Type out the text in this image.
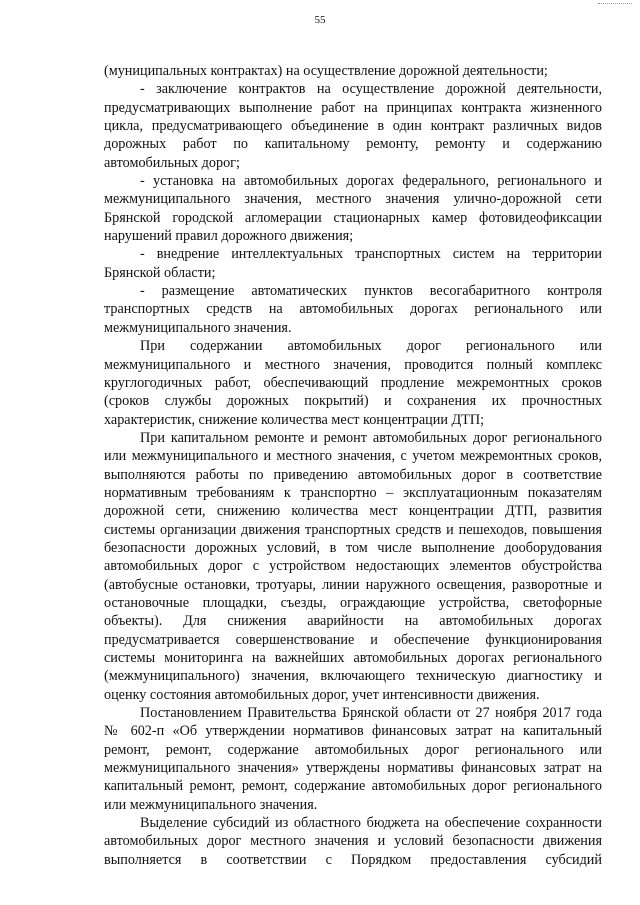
55

(муниципальных контрактах) на осуществление дорожной деятельности;

- заключение контрактов на осуществление дорожной деятельности, предусматривающих выполнение работ на принципах контракта жизненного цикла, предусматривающего объединение в один контракт различных видов дорожных работ по капитальному ремонту, ремонту и содержанию автомобильных дорог;

- установка на автомобильных дорогах федерального, регионального и межмуниципального значения, местного значения улично-дорожной сети Брянской городской агломерации стационарных камер фотовидеофиксации нарушений правил дорожного движения;

- внедрение интеллектуальных транспортных систем на территории Брянской области;

- размещение автоматических пунктов весогабаритного контроля транспортных средств на автомобильных дорогах регионального или межмуниципального значения.

При содержании автомобильных дорог регионального или межмуниципального и местного значения, проводится полный комплекс круглогодичных работ, обеспечивающий продление межремонтных сроков (сроков службы дорожных покрытий) и сохранения их прочностных характеристик, снижение количества мест концентрации ДТП;

При капитальном ремонте и ремонт автомобильных дорог регионального или межмуниципального и местного значения, с учетом межремонтных сроков, выполняются работы по приведению автомобильных дорог в соответствие нормативным требованиям к транспортно – эксплуатационным показателям дорожной сети, снижению количества мест концентрации ДТП, развития системы организации движения транспортных средств и пешеходов, повышения безопасности дорожных условий, в том числе выполнение дооборудования автомобильных дорог с устройством недостающих элементов обустройства (автобусные остановки, тротуары, линии наружного освещения, разворотные и остановочные площадки, съезды, ограждающие устройства, светофорные объекты). Для снижения аварийности на автомобильных дорогах предусматривается совершенствование и обеспечение функционирования системы мониторинга на важнейших автомобильных дорогах регионального (межмуниципального) значения, включающего техническую диагностику и оценку состояния автомобильных дорог, учет интенсивности движения.

Постановлением Правительства Брянской области от 27 ноября 2017 года № 602-п «Об утверждении нормативов финансовых затрат на капитальный ремонт, ремонт, содержание автомобильных дорог регионального или межмуниципального значения» утверждены нормативы финансовых затрат на капитальный ремонт, ремонт, содержание автомобильных дорог регионального или межмуниципального значения.

Выделение субсидий из областного бюджета на обеспечение сохранности автомобильных дорог местного значения и условий безопасности движения выполняется в соответствии с Порядком предоставления субсидий
